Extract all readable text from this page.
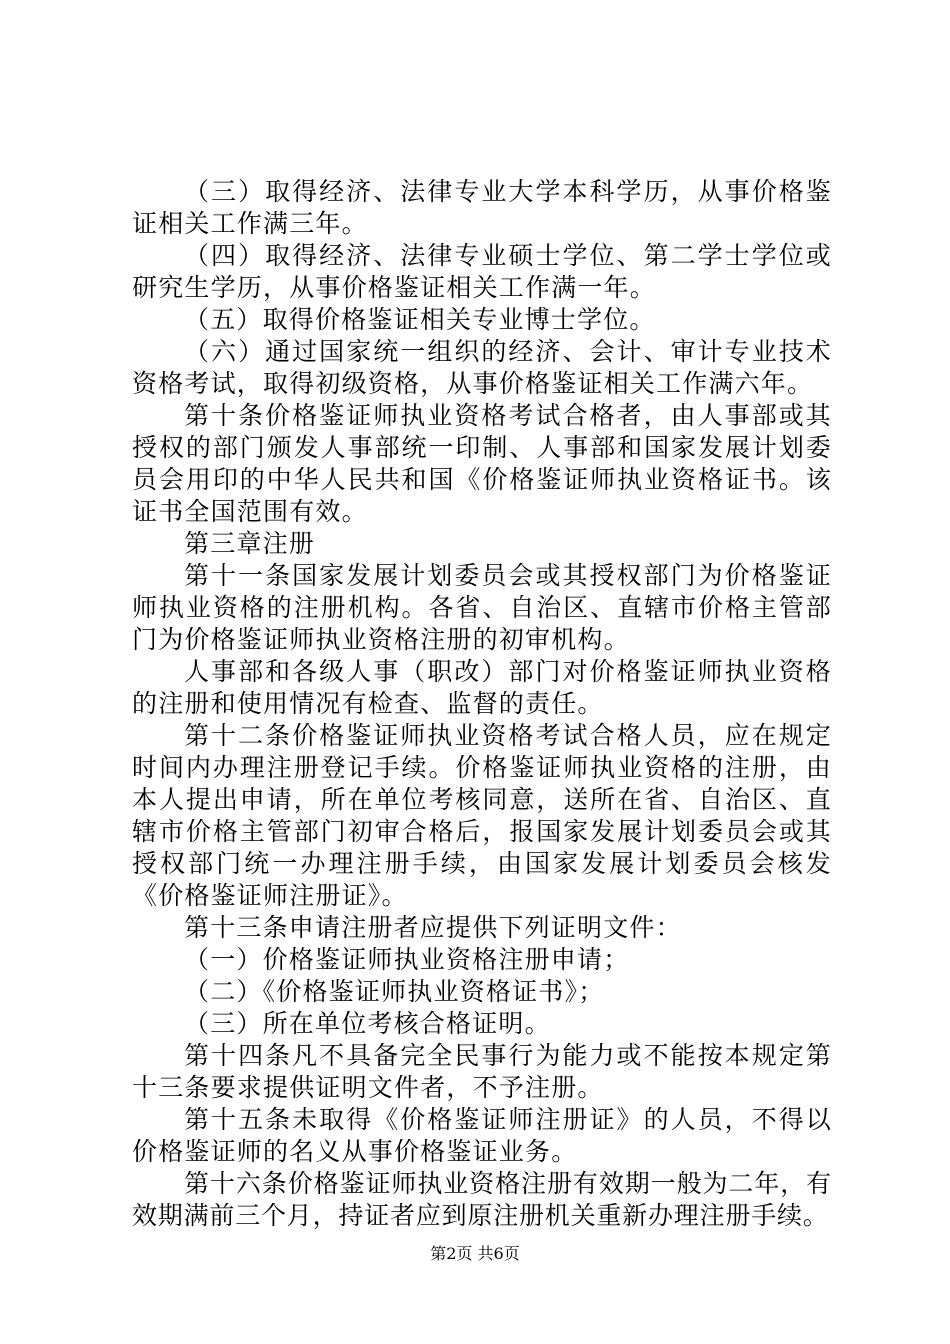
（三）取得经济、法律专业大学本科学历，从事价格鉴证相关工作满三年。

（四）取得经济、法律专业硕士学位、第二学士学位或研究生学历，从事价格鉴证相关工作满一年。

（五）取得价格鉴证相关专业博士学位。

（六）通过国家统一组织的经济、会计、审计专业技术资格考试，取得初级资格，从事价格鉴证相关工作满六年。

第十条价格鉴证师执业资格考试合格者，由人事部或其授权的部门颁发人事部统一印制、人事部和国家发展计划委员会用印的中华人民共和国《价格鉴证师执业资格证书。该证书全国范围有效。

第三章注册

第十一条国家发展计划委员会或其授权部门为价格鉴证师执业资格的注册机构。各省、自治区、直辖市价格主管部门为价格鉴证师执业资格注册的初审机构。

人事部和各级人事（职改）部门对价格鉴证师执业资格的注册和使用情况有检查、监督的责任。

第十二条价格鉴证师执业资格考试合格人员，应在规定时间内办理注册登记手续。价格鉴证师执业资格的注册，由本人提出申请，所在单位考核同意，送所在省、自治区、直辖市价格主管部门初审合格后，报国家发展计划委员会或其授权部门统一办理注册手续，由国家发展计划委员会核发《价格鉴证师注册证》。

第十三条申请注册者应提供下列证明文件：

（一）价格鉴证师执业资格注册申请；

（二）《价格鉴证师执业资格证书》；

（三）所在单位考核合格证明。

第十四条凡不具备完全民事行为能力或不能按本规定第十三条要求提供证明文件者，不予注册。

第十五条未取得《价格鉴证师注册证》的人员，不得以价格鉴证师的名义从事价格鉴证业务。

第十六条价格鉴证师执业资格注册有效期一般为二年，有效期满前三个月，持证者应到原注册机关重新办理注册手续。

第2页 共6页
